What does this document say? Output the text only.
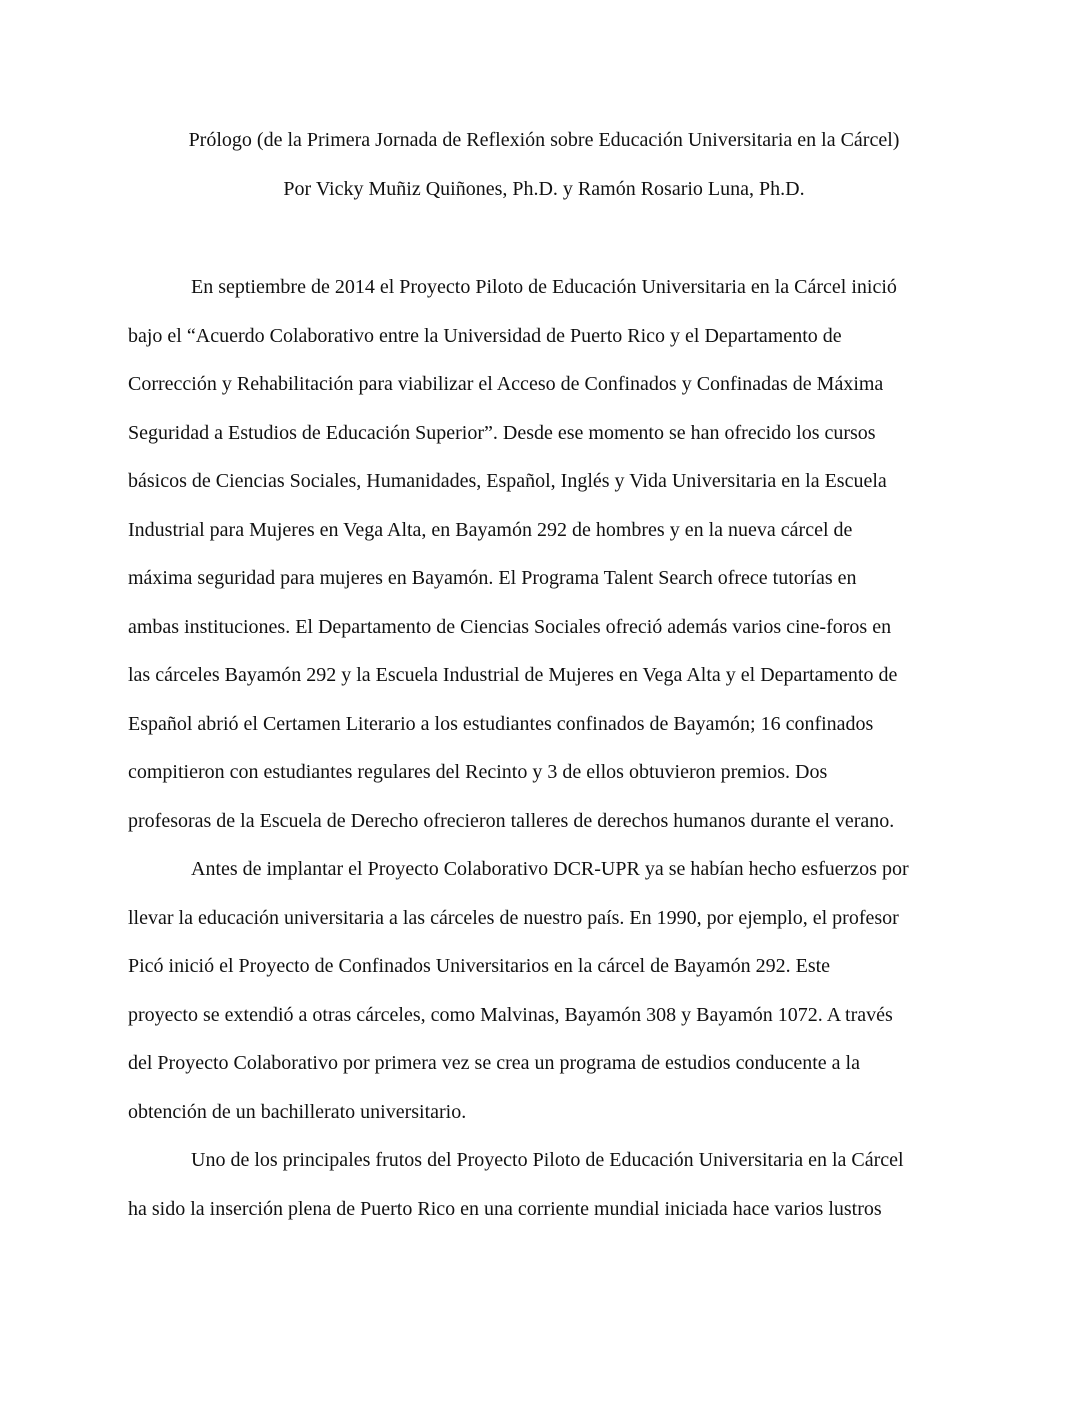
Prólogo (de la Primera Jornada de Reflexión sobre Educación Universitaria en la Cárcel)
Por Vicky Muñiz Quiñones, Ph.D. y Ramón Rosario Luna, Ph.D.
En septiembre de 2014 el Proyecto Piloto de Educación Universitaria en la Cárcel inició
bajo el “Acuerdo Colaborativo entre la Universidad de Puerto Rico y el Departamento de
Corrección y Rehabilitación para viabilizar el Acceso de Confinados y Confinadas de Máxima
Seguridad a Estudios de Educación Superior”. Desde ese momento se han ofrecido los cursos
básicos de Ciencias Sociales, Humanidades, Español, Inglés y Vida Universitaria en la Escuela
Industrial para Mujeres en Vega Alta, en Bayamón 292 de hombres y en la nueva cárcel de
máxima seguridad para mujeres en Bayamón. El Programa Talent Search ofrece tutorías en
ambas instituciones. El Departamento de Ciencias Sociales ofreció además varios cine-foros en
las cárceles Bayamón 292 y la Escuela Industrial de Mujeres en Vega Alta y el Departamento de
Español abrió el Certamen Literario a los estudiantes confinados de Bayamón; 16 confinados
compitieron con estudiantes regulares del Recinto y 3 de ellos obtuvieron premios. Dos
profesoras de la Escuela de Derecho ofrecieron talleres de derechos humanos durante el verano.
Antes de implantar el Proyecto Colaborativo DCR-UPR ya se habían hecho esfuerzos por
llevar la educación universitaria a las cárceles de nuestro país. En 1990, por ejemplo, el profesor
Picó inició el Proyecto de Confinados Universitarios en la cárcel de Bayamón 292. Este
proyecto se extendió a otras cárceles, como Malvinas, Bayamón 308 y Bayamón 1072. A través
del Proyecto Colaborativo por primera vez se crea un programa de estudios conducente a la
obtención de un bachillerato universitario.
Uno de los principales frutos del Proyecto Piloto de Educación Universitaria en la Cárcel
ha sido la inserción plena de Puerto Rico en una corriente mundial iniciada hace varios lustros
